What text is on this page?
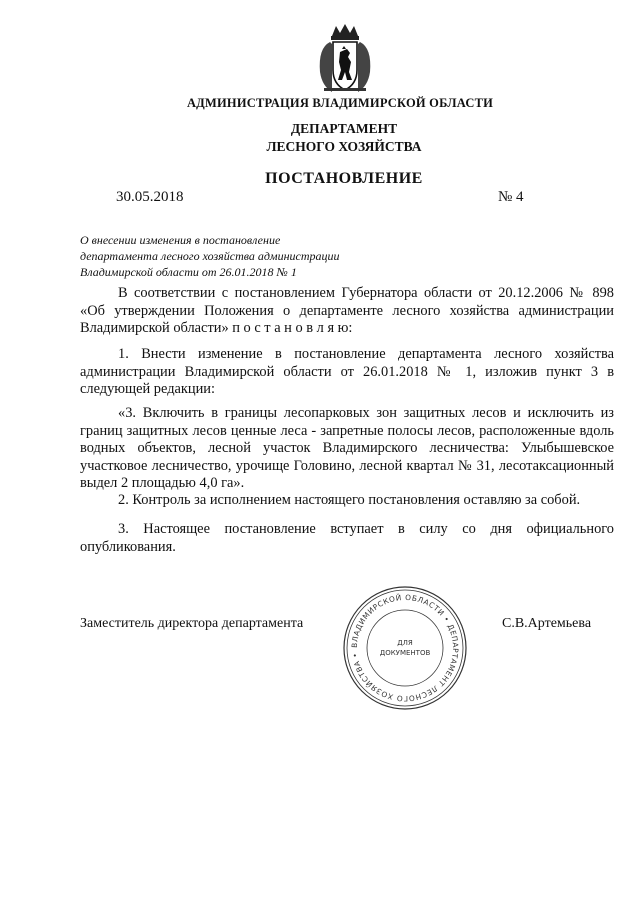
АДМИНИСТРАЦИЯ ВЛАДИМИРСКОЙ ОБЛАСТИ
ДЕПАРТАМЕНТ
ЛЕСНОГО ХОЗЯЙСТВА
ПОСТАНОВЛЕНИЕ
30.05.2018	№ 4
О внесении изменения в постановление
департамента лесного хозяйства администрации
Владимирской области от 26.01.2018 № 1
В соответствии с постановлением Губернатора области от 20.12.2006 № 898 «Об утверждении Положения о департаменте лесного хозяйства администрации Владимирской области» п о с т а н о в л я ю:
1. Внести изменение в постановление департамента лесного хозяйства администрации Владимирской области от 26.01.2018 № 1, изложив пункт 3 в следующей редакции:
«3. Включить в границы лесопарковых зон защитных лесов и исключить из границ защитных лесов ценные леса - запретные полосы лесов, расположенные вдоль водных объектов, лесной участок Владимирского лесничества: Улыбышевское участковое лесничество, урочище Головино, лесной квартал № 31, лесотаксационный выдел 2 площадью 4,0 га».
2. Контроль за исполнением настоящего постановления оставляю за собой.
3. Настоящее постановление вступает в силу со дня официального опубликования.
Заместитель директора департамента	С.В.Артемьева
ВЛАДИМИРСКОЙ ОБЛАСТИ • ДЕПАРТАМЕНТ ЛЕСНОГО ХОЗЯЙСТВА •
ДЛЯ
ДОКУМЕНТОВ
